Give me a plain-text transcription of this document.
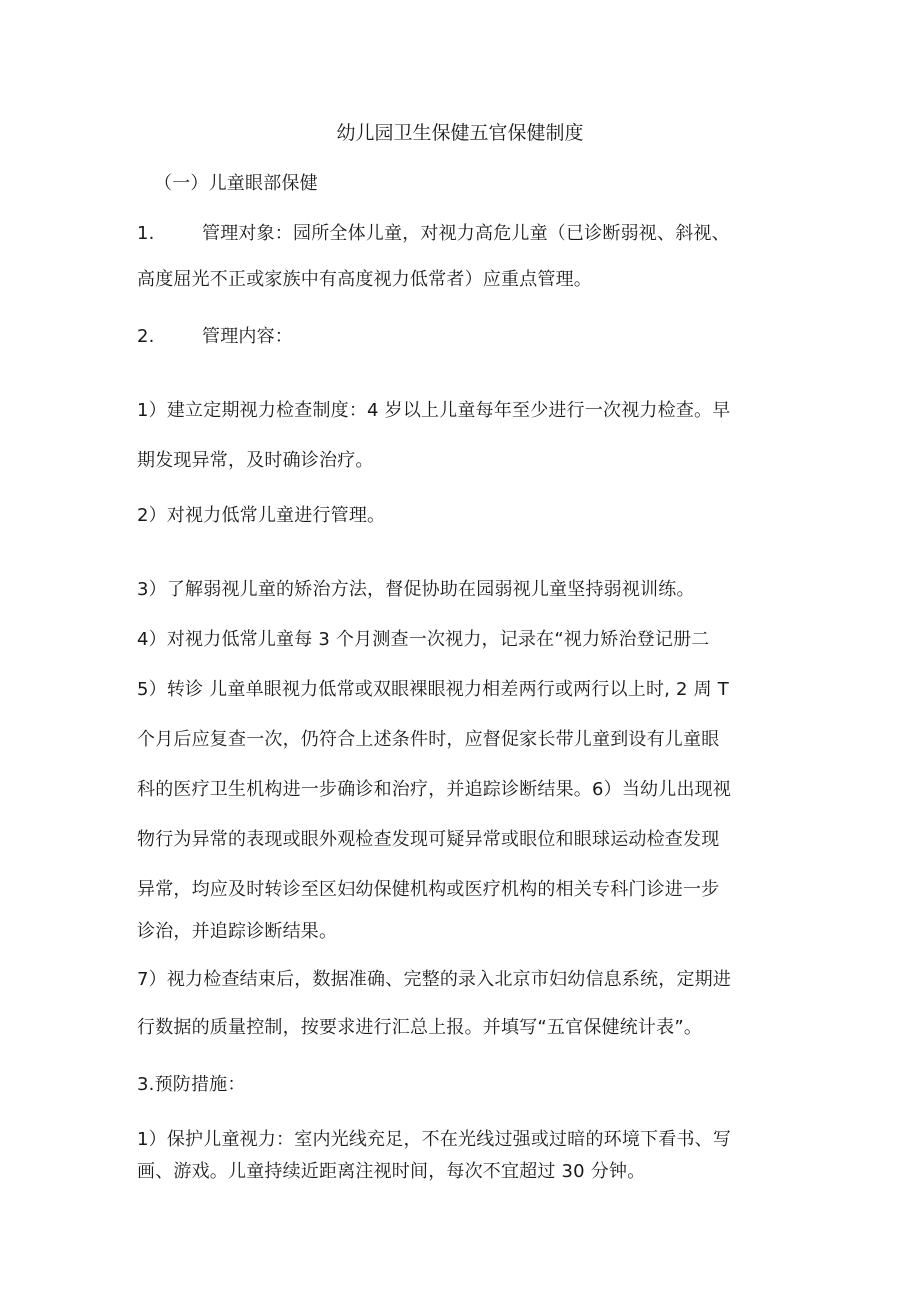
幼儿园卫生保健五官保健制度
（一）儿童眼部保健
1.	管理对象：园所全体儿童，对视力高危儿童（已诊断弱视、斜视、
高度屈光不正或家族中有高度视力低常者）应重点管理。
2.	管理内容：
1）建立定期视力检查制度：4 岁以上儿童每年至少进行一次视力检查。早
期发现异常，及时确诊治疗。
2）对视力低常儿童进行管理。
3）了解弱视儿童的矫治方法，督促协助在园弱视儿童坚持弱视训练。
4）对视力低常儿童每 3 个月测查一次视力，记录在“视力矫治登记册二
5）转诊 儿童单眼视力低常或双眼裸眼视力相差两行或两行以上时, 2 周 T
个月后应复查一次，仍符合上述条件时，应督促家长带儿童到设有儿童眼
科的医疗卫生机构进一步确诊和治疗，并追踪诊断结果。6）当幼儿出现视
物行为异常的表现或眼外观检查发现可疑异常或眼位和眼球运动检查发现
异常，均应及时转诊至区妇幼保健机构或医疗机构的相关专科门诊进一步
诊治，并追踪诊断结果。
7）视力检查结束后，数据准确、完整的录入北京市妇幼信息系统，定期进
行数据的质量控制，按要求进行汇总上报。并填写“五官保健统计表”。
3.预防措施：
1）保护儿童视力：室内光线充足，不在光线过强或过暗的环境下看书、写
画、游戏。儿童持续近距离注视时间，每次不宜超过 30 分钟。
